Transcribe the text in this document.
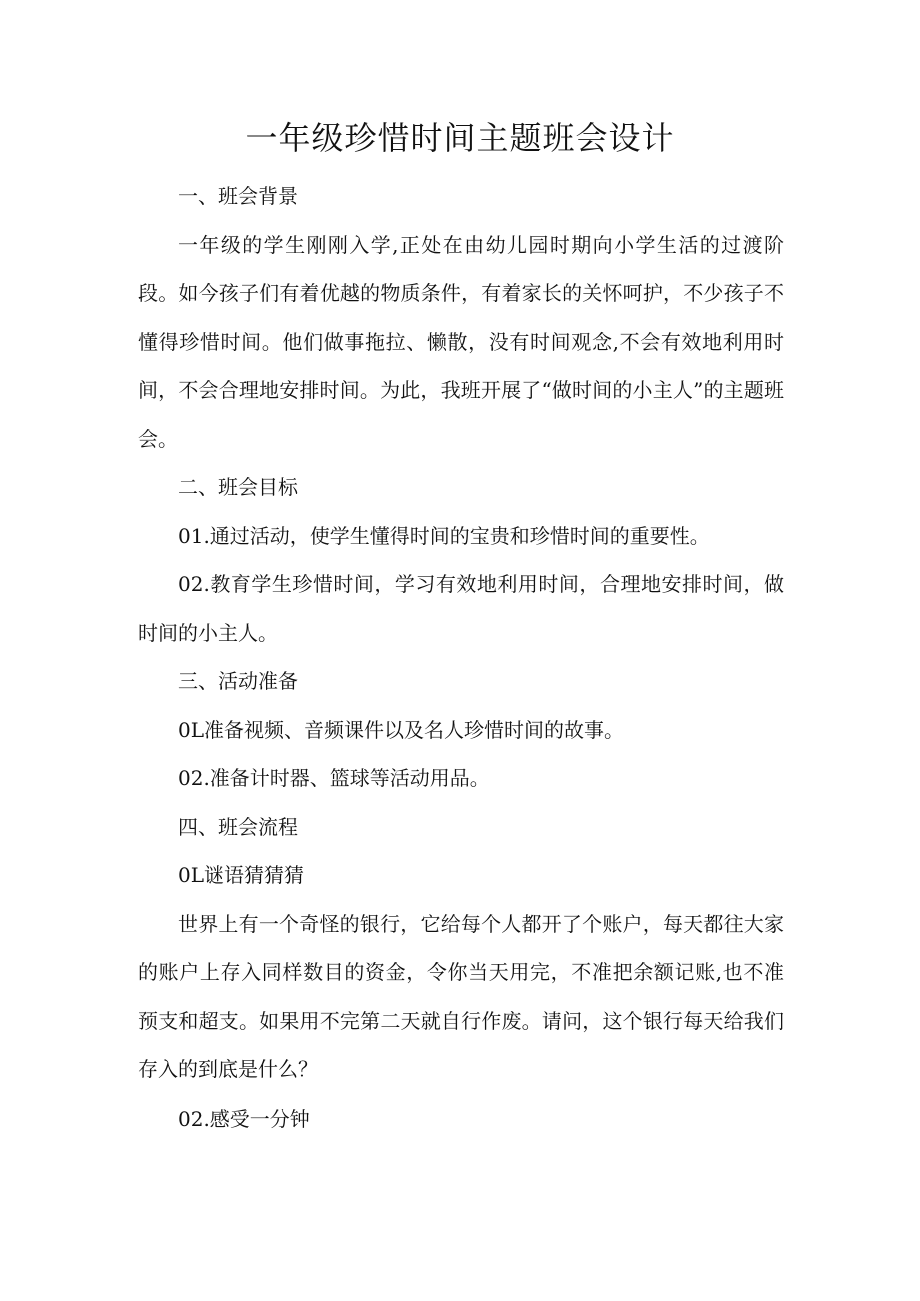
一年级珍惜时间主题班会设计

一、班会背景

一年级的学生刚刚入学,正处在由幼儿园时期向小学生活的过渡阶段。如今孩子们有着优越的物质条件，有着家长的关怀呵护，不少孩子不懂得珍惜时间。他们做事拖拉、懒散，没有时间观念,不会有效地利用时间，不会合理地安排时间。为此，我班开展了“做时间的小主人”的主题班会。

二、班会目标

01.通过活动，使学生懂得时间的宝贵和珍惜时间的重要性。

02.教育学生珍惜时间，学习有效地利用时间，合理地安排时间，做时间的小主人。

三、活动准备

0L准备视频、音频课件以及名人珍惜时间的故事。

02.准备计时器、篮球等活动用品。

四、班会流程

0L谜语猜猜猜

世界上有一个奇怪的银行，它给每个人都开了个账户，每天都往大家的账户上存入同样数目的资金，令你当天用完，不准把余额记账,也不准预支和超支。如果用不完第二天就自行作废。请问，这个银行每天给我们存入的到底是什么？

02.感受一分钟
